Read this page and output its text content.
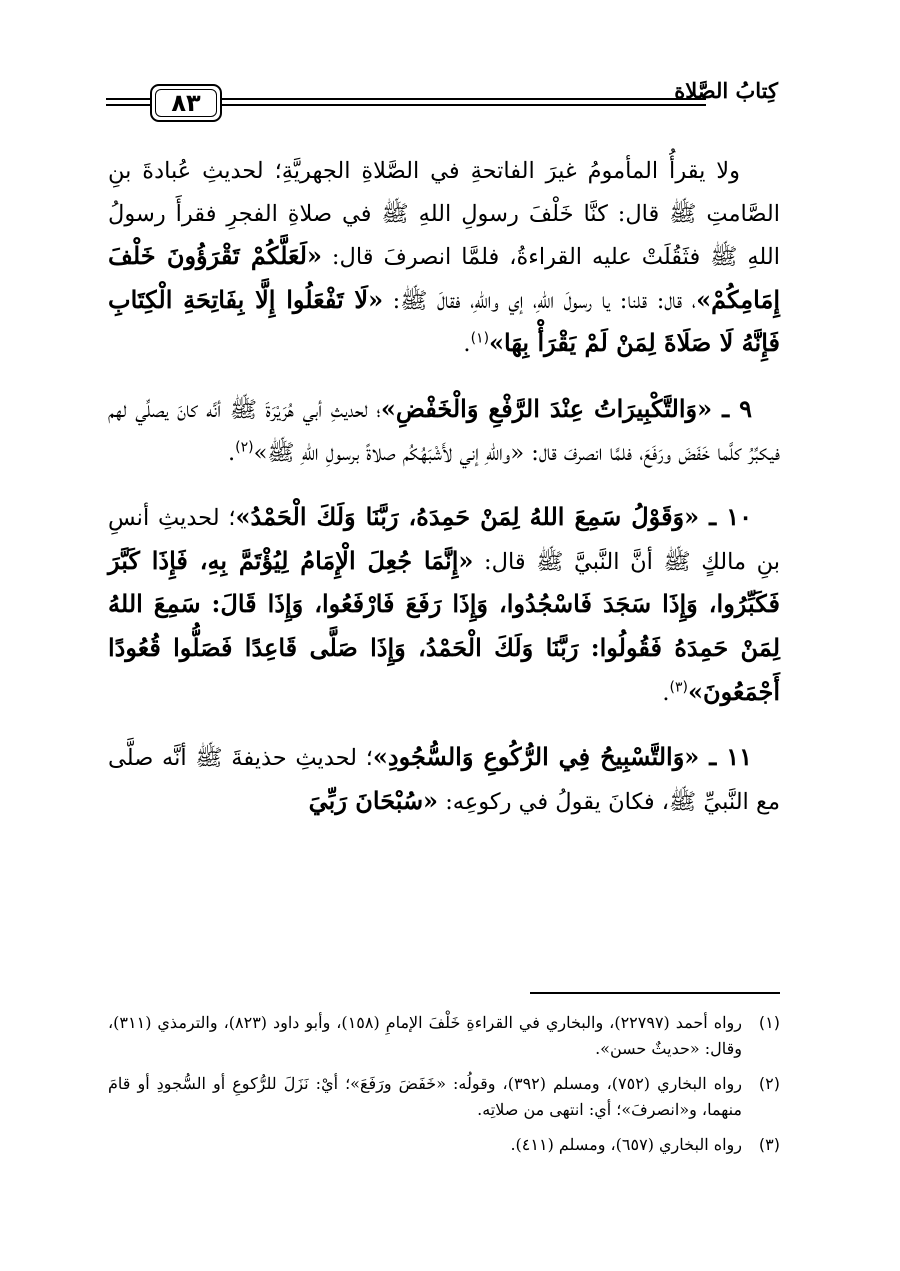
كِتابُ الصَّلاة
٨٣

ولا يقرأُ المأمومُ غيرَ الفاتحةِ في الصَّلاةِ الجهريَّةِ؛ لحديثِ عُبادةَ بنِ الصَّامتِ ﷺ قال: كنَّا خَلْفَ رسولِ اللهِ ﷺ في صلاةِ الفجرِ فقرأَ رسولُ اللهِ ﷺ فثَقُلَتْ عليه القراءةُ، فلمَّا انصرفَ قال: «لَعَلَّكُمْ تَقْرَؤُونَ خَلْفَ إِمَامِكُمْ»، قال: قلنا: يا رسولَ اللهِ، إي واللهِ، فقالَ ﷺ: «لَا تَفْعَلُوا إِلَّا بِفَاتِحَةِ الْكِتَابِ فَإِنَّهُ لَا صَلَاةَ لِمَنْ لَمْ يَقْرَأْ بِهَا»$^{(١)}$.

٩ ـ «وَالتَّكْبِيرَاتُ عِنْدَ الرَّفْعِ وَالْخَفْضِ»؛ لحديثِ أبي هُرَيْرَةَ ﷺ أنَّه كانَ يصلِّي لهم فيكبِّرُ كلَّما خَفَضَ ورَفَعَ، فلمَّا انصرفَ قال: «واللهِ إني لأَشْبَهُكُم صلاةً برسولِ اللهِ ﷺ»$^{(٢)}$.

١٠ ـ «وَقَوْلُ سَمِعَ اللهُ لِمَنْ حَمِدَهُ، رَبَّنَا وَلَكَ الْحَمْدُ»؛ لحديثِ أنسِ بنِ مالكٍ ﷺ أنَّ النَّبيَّ ﷺ قال: «إِنَّمَا جُعِلَ الْإِمَامُ لِيُؤْتَمَّ بِهِ، فَإِذَا كَبَّرَ فَكَبِّرُوا، وَإِذَا سَجَدَ فَاسْجُدُوا، وَإِذَا رَفَعَ فَارْفَعُوا، وَإِذَا قَالَ: سَمِعَ اللهُ لِمَنْ حَمِدَهُ فَقُولُوا: رَبَّنَا وَلَكَ الْحَمْدُ، وَإِذَا صَلَّى قَاعِدًا فَصَلُّوا قُعُودًا أَجْمَعُونَ»$^{(٣)}$.

١١ ـ «وَالتَّسْبِيحُ فِي الرُّكُوعِ وَالسُّجُودِ»؛ لحديثِ حذيفةَ ﷺ أنَّه صلَّى مع النَّبيِّ ﷺ، فكانَ يقولُ في ركوعِه: «سُبْحَانَ رَبِّيَ

(١)
رواه أحمد (٢٢٧٩٧)، والبخاري في القراءةِ خَلْفَ الإمامِ (١٥٨)، وأبو داود (٨٢٣)، والترمذي (٣١١)، وقال: «حديثٌ حسن».
(٢)
رواه البخاري (٧٥٢)، ومسلم (٣٩٢)، وقولُه: «خَفَضَ ورَفَعَ»؛ أيْ: نَزَلَ للرُّكوعِ أو السُّجودِ أو قامَ منهما، و«انصرفَ»؛ أي: انتهى من صلاتِه.
(٣)
رواه البخاري (٦٥٧)، ومسلم (٤١١).
